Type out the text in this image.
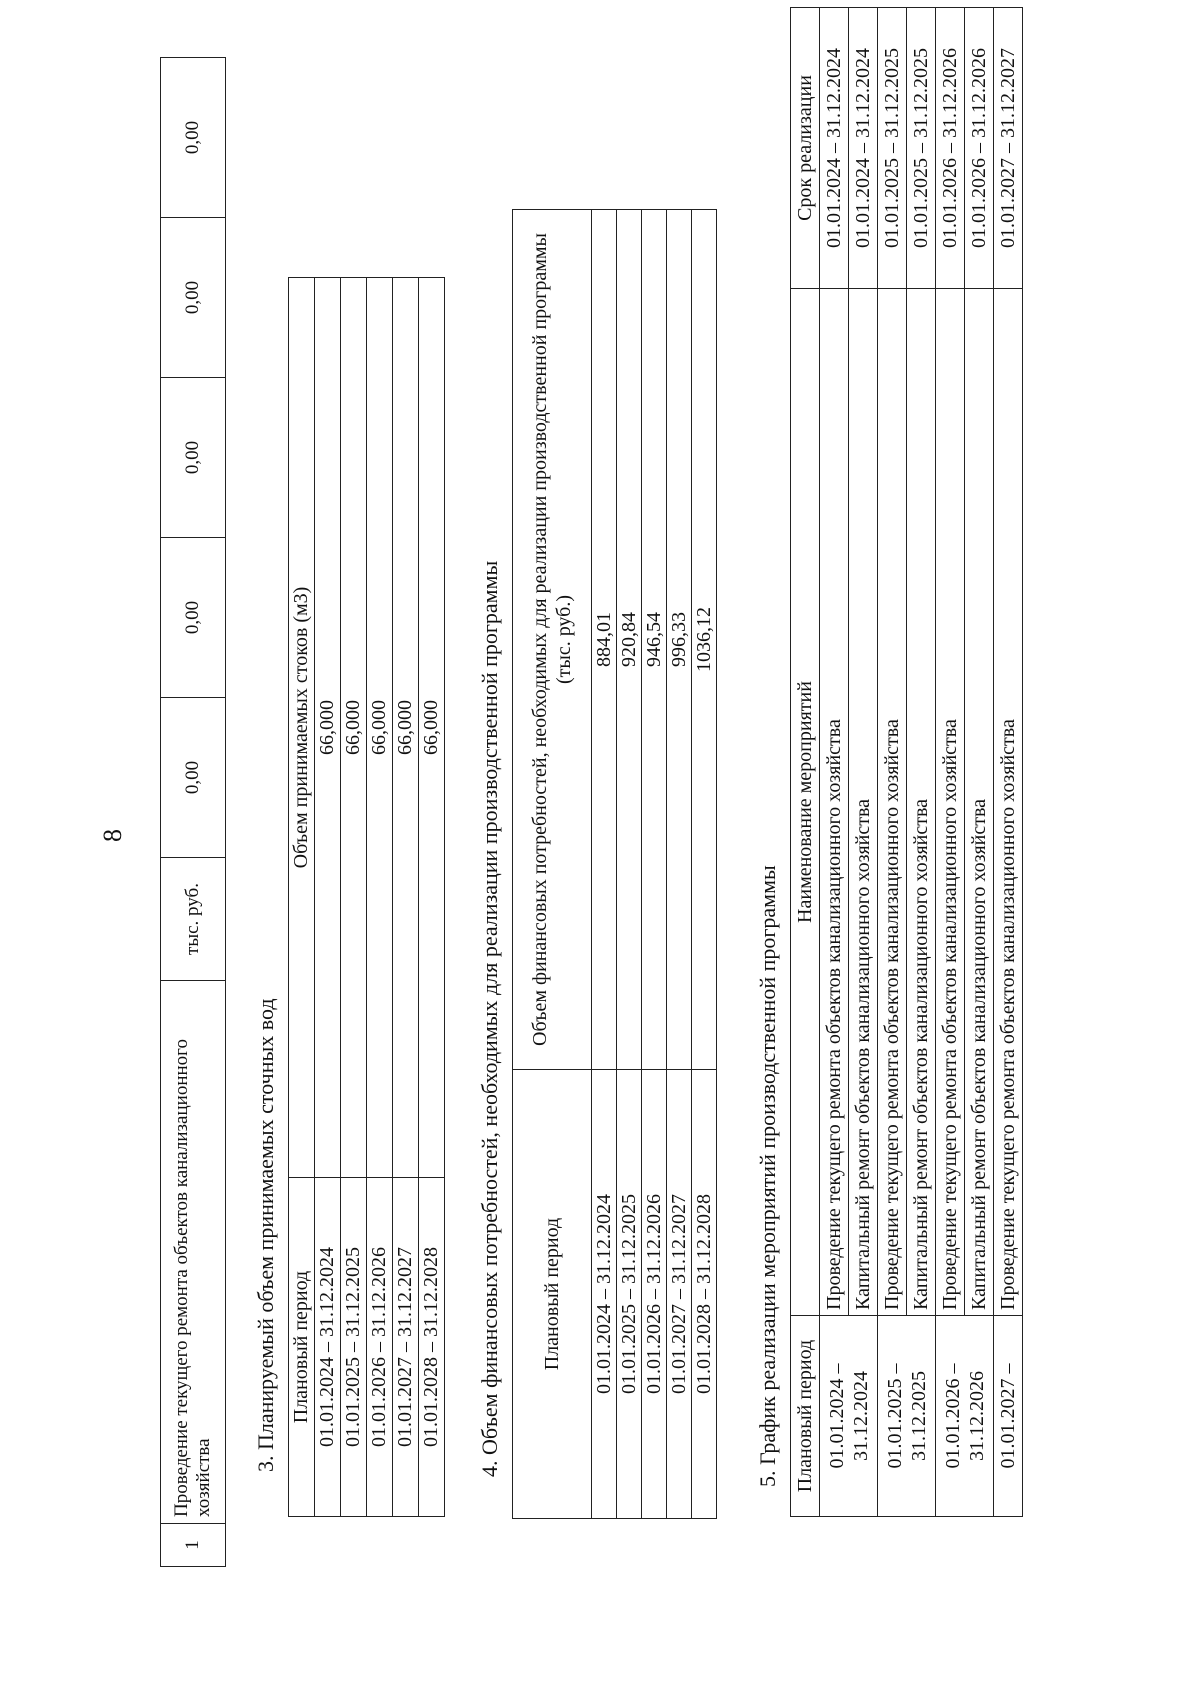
8
1	Проведение текущего ремонта объектов канализационного хозяйства	тыс. руб.	0,00	0,00	0,00	0,00	0,00
3. Планируемый объем принимаемых сточных вод Плановый период	Объем принимаемых стоков (м3)
01.01.2024 – 31.12.2024	66,000
01.01.2025 – 31.12.2025	66,000
01.01.2026 – 31.12.2026	66,000
01.01.2027 – 31.12.2027	66,000
01.01.2028 – 31.12.2028	66,000 4. Объем финансовых потребностей, необходимых для реализации производственной программы Плановый период	Объем финансовых потребностей, необходимых для реализации производственной программы (тыс. руб.)
01.01.2024 – 31.12.2024	884,01
01.01.2025 – 31.12.2025	920,84
01.01.2026 – 31.12.2026	946,54
01.01.2027 – 31.12.2027	996,33
01.01.2028 – 31.12.2028	1036,12
5. График реализации мероприятий производственной программы Плановый период	Наименование мероприятий	Срок реализации
01.01.2024 – 31.12.2024	Проведение текущего ремонта объектов канализационного хозяйства	01.01.2024 – 31.12.2024
	Капитальный ремонт объектов канализационного хозяйства	01.01.2024 – 31.12.2024
01.01.2025 – 31.12.2025	Проведение текущего ремонта объектов канализационного хозяйства	01.01.2025 – 31.12.2025
	Капитальный ремонт объектов канализационного хозяйства	01.01.2025 – 31.12.2025
01.01.2026 – 31.12.2026	Проведение текущего ремонта объектов канализационного хозяйства	01.01.2026 – 31.12.2026
	Капитальный ремонт объектов канализационного хозяйства	01.01.2026 – 31.12.2026
01.01.2027 –	Проведение текущего ремонта объектов канализационного хозяйства	01.01.2027 – 31.12.2027
